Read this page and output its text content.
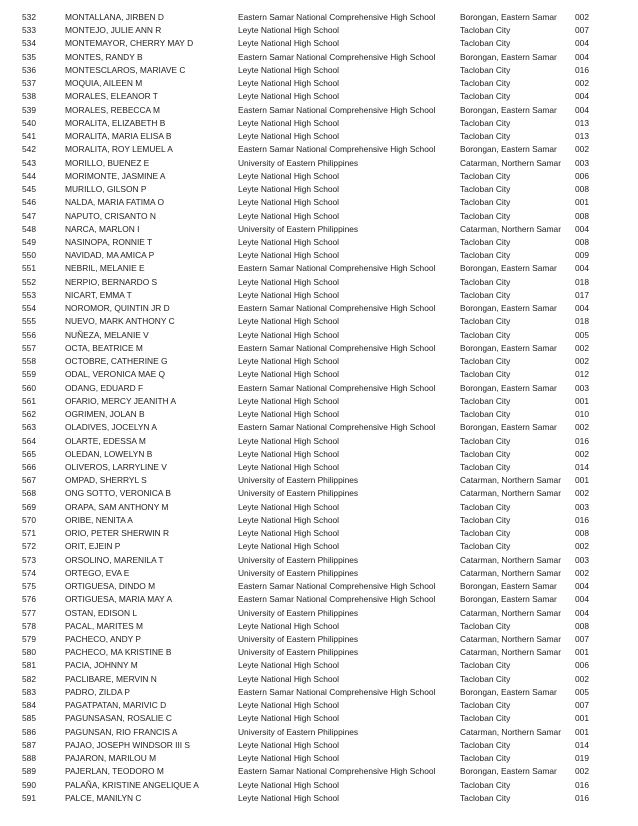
532	MONTALLANA, JIRBEN D	Eastern Samar National Comprehensive High School	Borongan, Eastern Samar	002
533	MONTEJO, JULIE ANN R	Leyte National High School	Tacloban City	007
534	MONTEMAYOR, CHERRY MAY D	Leyte National High School	Tacloban City	004
535	MONTES, RANDY B	Eastern Samar National Comprehensive High School	Borongan, Eastern Samar	004
536	MONTESCLAROS, MARIAVE C	Leyte National High School	Tacloban City	016
537	MOQUIA, AILEEN M	Leyte National High School	Tacloban City	002
538	MORALES, ELEANOR T	Leyte National High School	Tacloban City	004
539	MORALES, REBECCA M	Eastern Samar National Comprehensive High School	Borongan, Eastern Samar	004
540	MORALITA, ELIZABETH B	Leyte National High School	Tacloban City	013
541	MORALITA, MARIA ELISA B	Leyte National High School	Tacloban City	013
542	MORALITA, ROY LEMUEL A	Eastern Samar National Comprehensive High School	Borongan, Eastern Samar	002
543	MORILLO, BUENEZ E	University of Eastern Philippines	Catarman, Northern Samar	003
544	MORIMONTE, JASMINE A	Leyte National High School	Tacloban City	006
545	MURILLO, GILSON P	Leyte National High School	Tacloban City	008
546	NALDA, MARIA FATIMA O	Leyte National High School	Tacloban City	001
547	NAPUTO, CRISANTO N	Leyte National High School	Tacloban City	008
548	NARCA, MARLON I	University of Eastern Philippines	Catarman, Northern Samar	004
549	NASINOPA, RONNIE T	Leyte National High School	Tacloban City	008
550	NAVIDAD, MA AMICA P	Leyte National High School	Tacloban City	009
551	NEBRIL, MELANIE E	Eastern Samar National Comprehensive High School	Borongan, Eastern Samar	004
552	NERPIO, BERNARDO S	Leyte National High School	Tacloban City	018
553	NICART, EMMA T	Leyte National High School	Tacloban City	017
554	NOROMOR, QUINTIN JR D	Eastern Samar National Comprehensive High School	Borongan, Eastern Samar	004
555	NUEVO, MARK ANTHONY C	Leyte National High School	Tacloban City	018
556	NUÑEZA, MELANIE V	Leyte National High School	Tacloban City	005
557	OCTA, BEATRICE M	Eastern Samar National Comprehensive High School	Borongan, Eastern Samar	002
558	OCTOBRE, CATHERINE G	Leyte National High School	Tacloban City	002
559	ODAL, VERONICA MAE Q	Leyte National High School	Tacloban City	012
560	ODANG, EDUARD F	Eastern Samar National Comprehensive High School	Borongan, Eastern Samar	003
561	OFARIO, MERCY JEANITH A	Leyte National High School	Tacloban City	001
562	OGRIMEN, JOLAN B	Leyte National High School	Tacloban City	010
563	OLADIVES, JOCELYN A	Eastern Samar National Comprehensive High School	Borongan, Eastern Samar	002
564	OLARTE, EDESSA M	Leyte National High School	Tacloban City	016
565	OLEDAN, LOWELYN B	Leyte National High School	Tacloban City	002
566	OLIVEROS, LARRYLINE V	Leyte National High School	Tacloban City	014
567	OMPAD, SHERRYL S	University of Eastern Philippines	Catarman, Northern Samar	001
568	ONG SOTTO, VERONICA B	University of Eastern Philippines	Catarman, Northern Samar	002
569	ORAPA, SAM ANTHONY M	Leyte National High School	Tacloban City	003
570	ORIBE, NENITA A	Leyte National High School	Tacloban City	016
571	ORIO, PETER SHERWIN R	Leyte National High School	Tacloban City	008
572	ORIT, EJEIN P	Leyte National High School	Tacloban City	002
573	ORSOLINO, MARENILA T	University of Eastern Philippines	Catarman, Northern Samar	003
574	ORTEGO, EVA E	University of Eastern Philippines	Catarman, Northern Samar	002
575	ORTIGUESA, DINDO M	Eastern Samar National Comprehensive High School	Borongan, Eastern Samar	004
576	ORTIGUESA, MARIA MAY A	Eastern Samar National Comprehensive High School	Borongan, Eastern Samar	004
577	OSTAN, EDISON L	University of Eastern Philippines	Catarman, Northern Samar	004
578	PACAL, MARITES M	Leyte National High School	Tacloban City	008
579	PACHECO, ANDY P	University of Eastern Philippines	Catarman, Northern Samar	007
580	PACHECO, MA KRISTINE B	University of Eastern Philippines	Catarman, Northern Samar	001
581	PACIA, JOHNNY M	Leyte National High School	Tacloban City	006
582	PACLIBARE, MERVIN N	Leyte National High School	Tacloban City	002
583	PADRO, ZILDA P	Eastern Samar National Comprehensive High School	Borongan, Eastern Samar	005
584	PAGATPATAN, MARIVIC D	Leyte National High School	Tacloban City	007
585	PAGUNSASAN, ROSALIE C	Leyte National High School	Tacloban City	001
586	PAGUNSAN, RIO FRANCIS A	University of Eastern Philippines	Catarman, Northern Samar	001
587	PAJAO, JOSEPH WINDSOR III S	Leyte National High School	Tacloban City	014
588	PAJARON, MARILOU M	Leyte National High School	Tacloban City	019
589	PAJERLAN, TEODORO M	Eastern Samar National Comprehensive High School	Borongan, Eastern Samar	002
590	PALAÑA, KRISTINE ANGELIQUE A	Leyte National High School	Tacloban City	016
591	PALCE, MANILYN C	Leyte National High School	Tacloban City	016
